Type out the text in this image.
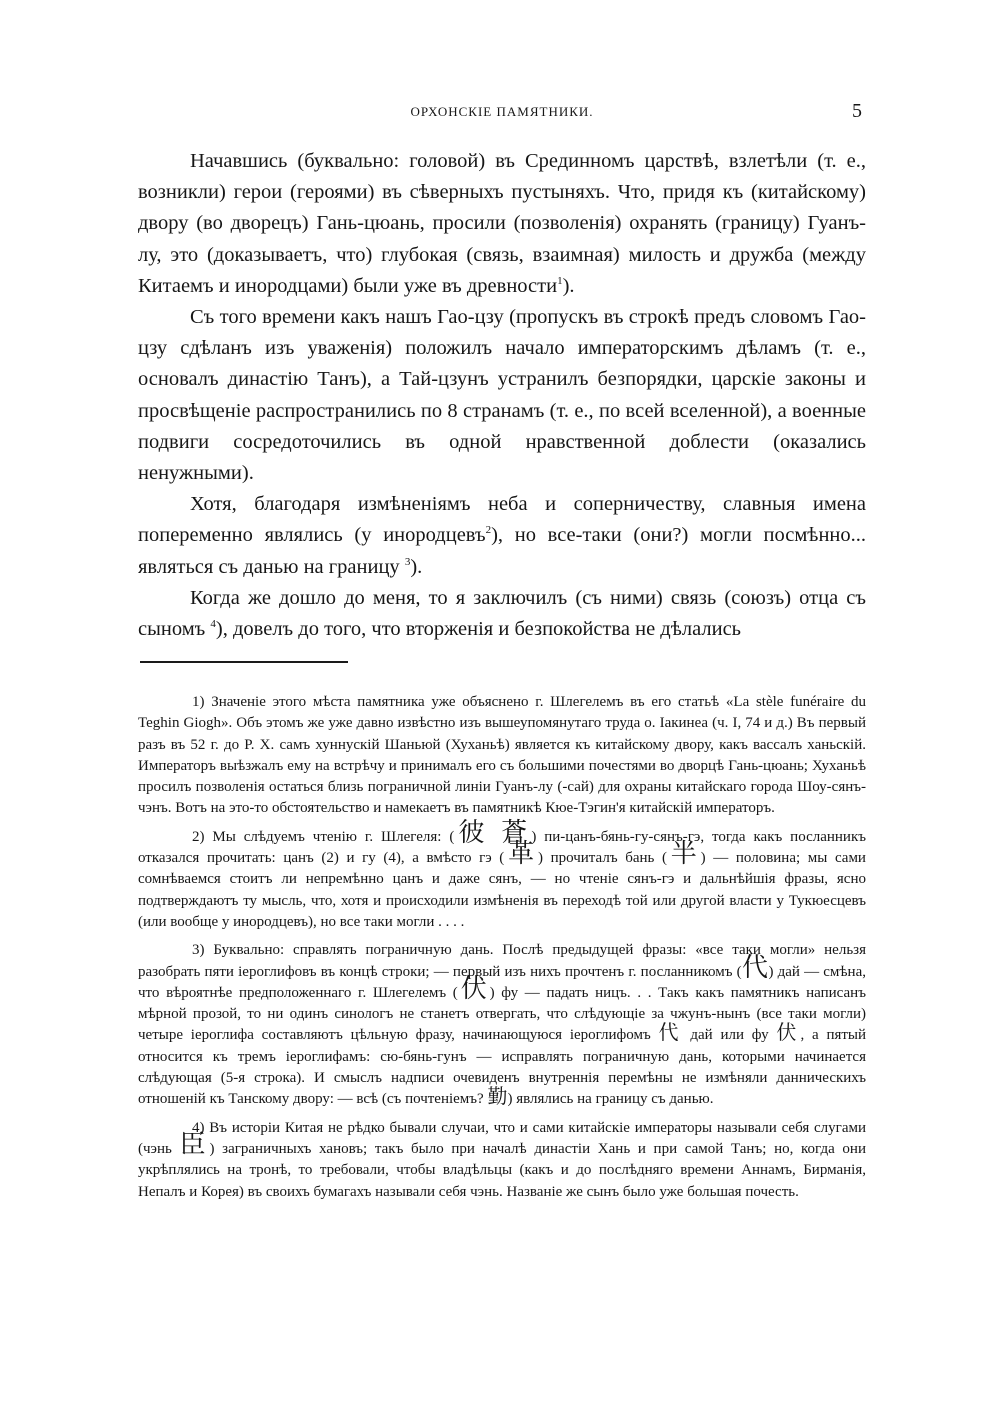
ОРХОНСКІЕ ПАМЯТНИКИ.	5

Начавшись (буквально: головой) въ Срединномъ царствѣ, взлетѣли (т. е., возникли) герои (героями) въ сѣверныхъ пустыняхъ. Что, придя къ (китайскому) двору (во дворецъ) Гань-цюань, просили (позволенія) охранять (границу) Гуанъ-лу, это (доказываетъ, что) глубокая (связь, взаимная) милость и дружба (между Китаемъ и инородцами) были уже въ древности$^1$).

Съ того времени какъ нашъ Гао-цзу (пропускъ въ строкѣ предъ словомъ Гао-цзу сдѣланъ изъ уваженія) положилъ начало императорскимъ дѣламъ (т. е., основалъ династію Танъ), а Тай-цзунъ устранилъ безпорядки, царскіе законы и просвѣщеніе распространились по 8 странамъ (т. е., по всей вселенной), а военные подвиги сосредоточились въ одной нравственной доблести (оказались ненужными).

Хотя, благодаря измѣненіямъ неба и соперничеству, славныя имена попеременно являлись (у инородцевъ$^2$), но все-таки (они?) могли посмѣнно... являться съ данью на границу $^3$).

Когда же дошло до меня, то я заключилъ (съ ними) связь (союзъ) отца съ сыномъ $^4$), довелъ до того, что вторженія и безпокойства не дѣлались

1) Значеніе этого мѣста памятника уже объяснено г. Шлегелемъ въ его статьѣ «La stèle funéraire du Teghin Giogh». Объ этомъ же уже давно извѣстно изъ вышеупомянутаго труда о. Іакинеа (ч. I, 74 и д.) Въ первый разъ въ 52 г. до Р. Х. самъ хуннускій Шаньюй (Хуханьѣ) является къ китайскому двору, какъ вассалъ ханьскій. Императоръ выѣзжалъ ему на встрѣчу и принималъ его съ большими почестями во дворцѣ Гань-цюань; Хуханьѣ просилъ позволенія остаться близь пограничной линіи Гуанъ-лу (-сай) для охраны китайскаго города Шоу-сянъ-чэнъ. Вотъ на это-то обстоятельство и намекаетъ въ памятникѣ Кюе-Тэгин'я китайскій императоръ.

2) Мы слѣдуемъ чтенію г. Шлегеля: (彼 蒼) пи-цанъ-бянь-гу-сянъ-гэ, тогда какъ посланникъ отказался прочитать: цанъ (2) и гу (4), а вмѣсто гэ (革) прочиталъ бань (半) — половина; мы сами сомнѣваемся стоитъ ли непремѣнно цанъ и даже сянъ, — но чтеніе сянъ-гэ и дальнѣйшія фразы, ясно подтверждаютъ ту мысль, что, хотя и происходили измѣненія въ переходѣ той или другой власти у Тукюесцевъ (или вообще у инородцевъ), но все таки могли . . . .

3) Буквально: справлять пограничную дань. Послѣ предыдущей фразы: «все таки могли» нельзя разобрать пяти іероглифовъ въ концѣ строки; — первый изъ нихъ прочтенъ г. посланникомъ (代) дай — смѣна, что вѣроятнѣе предположеннаго г. Шлегелемъ (伏) фу — падать ницъ. . . Такъ какъ памятникъ написанъ мѣрной прозой, то ни одинъ синологъ не станетъ отвергать, что слѣдующіе за чжунъ-нынъ (все таки могли) четыре іероглифа составляютъ цѣльную фразу, начинающуюся іероглифомъ 代 дай или фу 伏, а пятый относится къ тремъ іероглифамъ: сю-бянь-гунъ — исправлять пограничную дань, которыми начинается слѣдующая (5-я строка). И смыслъ надписи очевиденъ внутреннія перемѣны не измѣняли данническихъ отношеній къ Танскому двору: — всѣ (съ почтеніемъ? 勤) являлись на границу съ данью.

4) Въ исторіи Китая не рѣдко бывали случаи, что и сами китайскіе императоры называли себя слугами (чэнь 臣) заграничныхъ хановъ; такъ было при началѣ династіи Хань и при самой Танъ; но, когда они укрѣплялись на тронѣ, то требовали, чтобы владѣльцы (какъ и до послѣдняго времени Аннамъ, Бирманія, Непалъ и Корея) въ своихъ бумагахъ называли себя чэнь. Названіе же сынъ было уже большая почесть.
